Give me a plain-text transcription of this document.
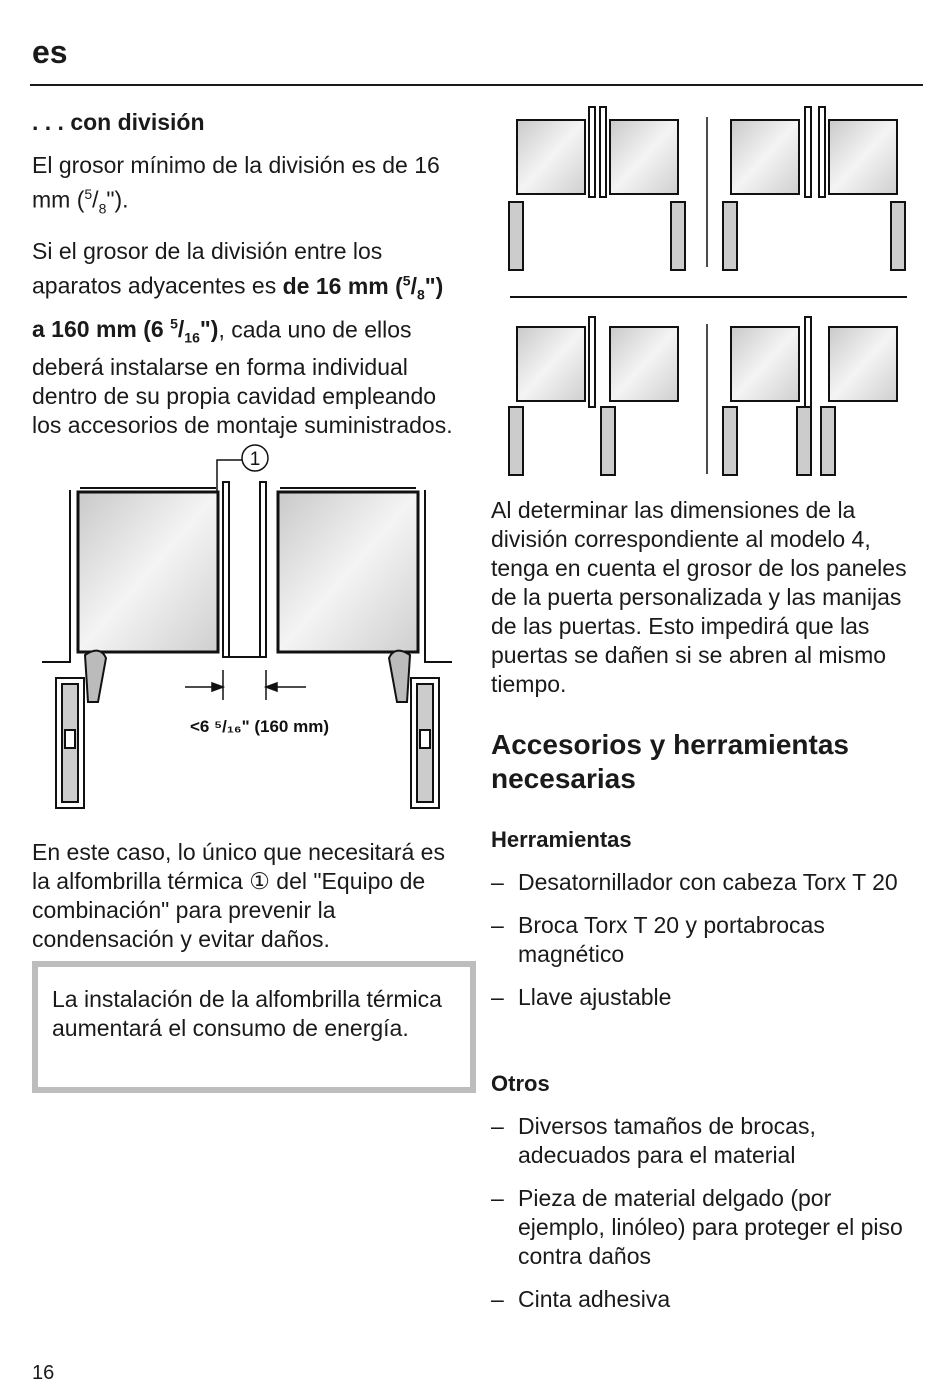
es

. . . con división

El grosor mínimo de la división es de 16 mm $(^5/_8")$.

Si el grosor de la división entre los aparatos adyacentes es de 16 mm $(^5/_8")$ a 160 mm (6 $^5/_{16}$"), cada uno de ellos deberá instalarse en forma individual dentro de su propia cavidad empleando los accesorios de montaje suministrados.

1
<6 ⁵/₁₆" (160 mm)

En este caso, lo único que necesitará es la alfombrilla térmica ① del "Equipo de combinación" para prevenir la condensación y evitar daños.

La instalación de la alfombrilla térmica aumentará el consumo de energía.

Al determinar las dimensiones de la división correspondiente al modelo 4, tenga en cuenta el grosor de los paneles de la puerta personalizada y las manijas de las puertas. Esto impedirá que las puertas se dañen si se abren al mismo tiempo.

Accesorios y herramientas necesarias
Herramientas
– Desatornillador con cabeza Torx T 20
– Broca Torx T 20 y portabrocas magnético
– Llave ajustable
Otros
– Diversos tamaños de brocas, adecuados para el material
– Pieza de material delgado (por ejemplo, linóleo) para proteger el piso contra daños
– Cinta adhesiva
16
